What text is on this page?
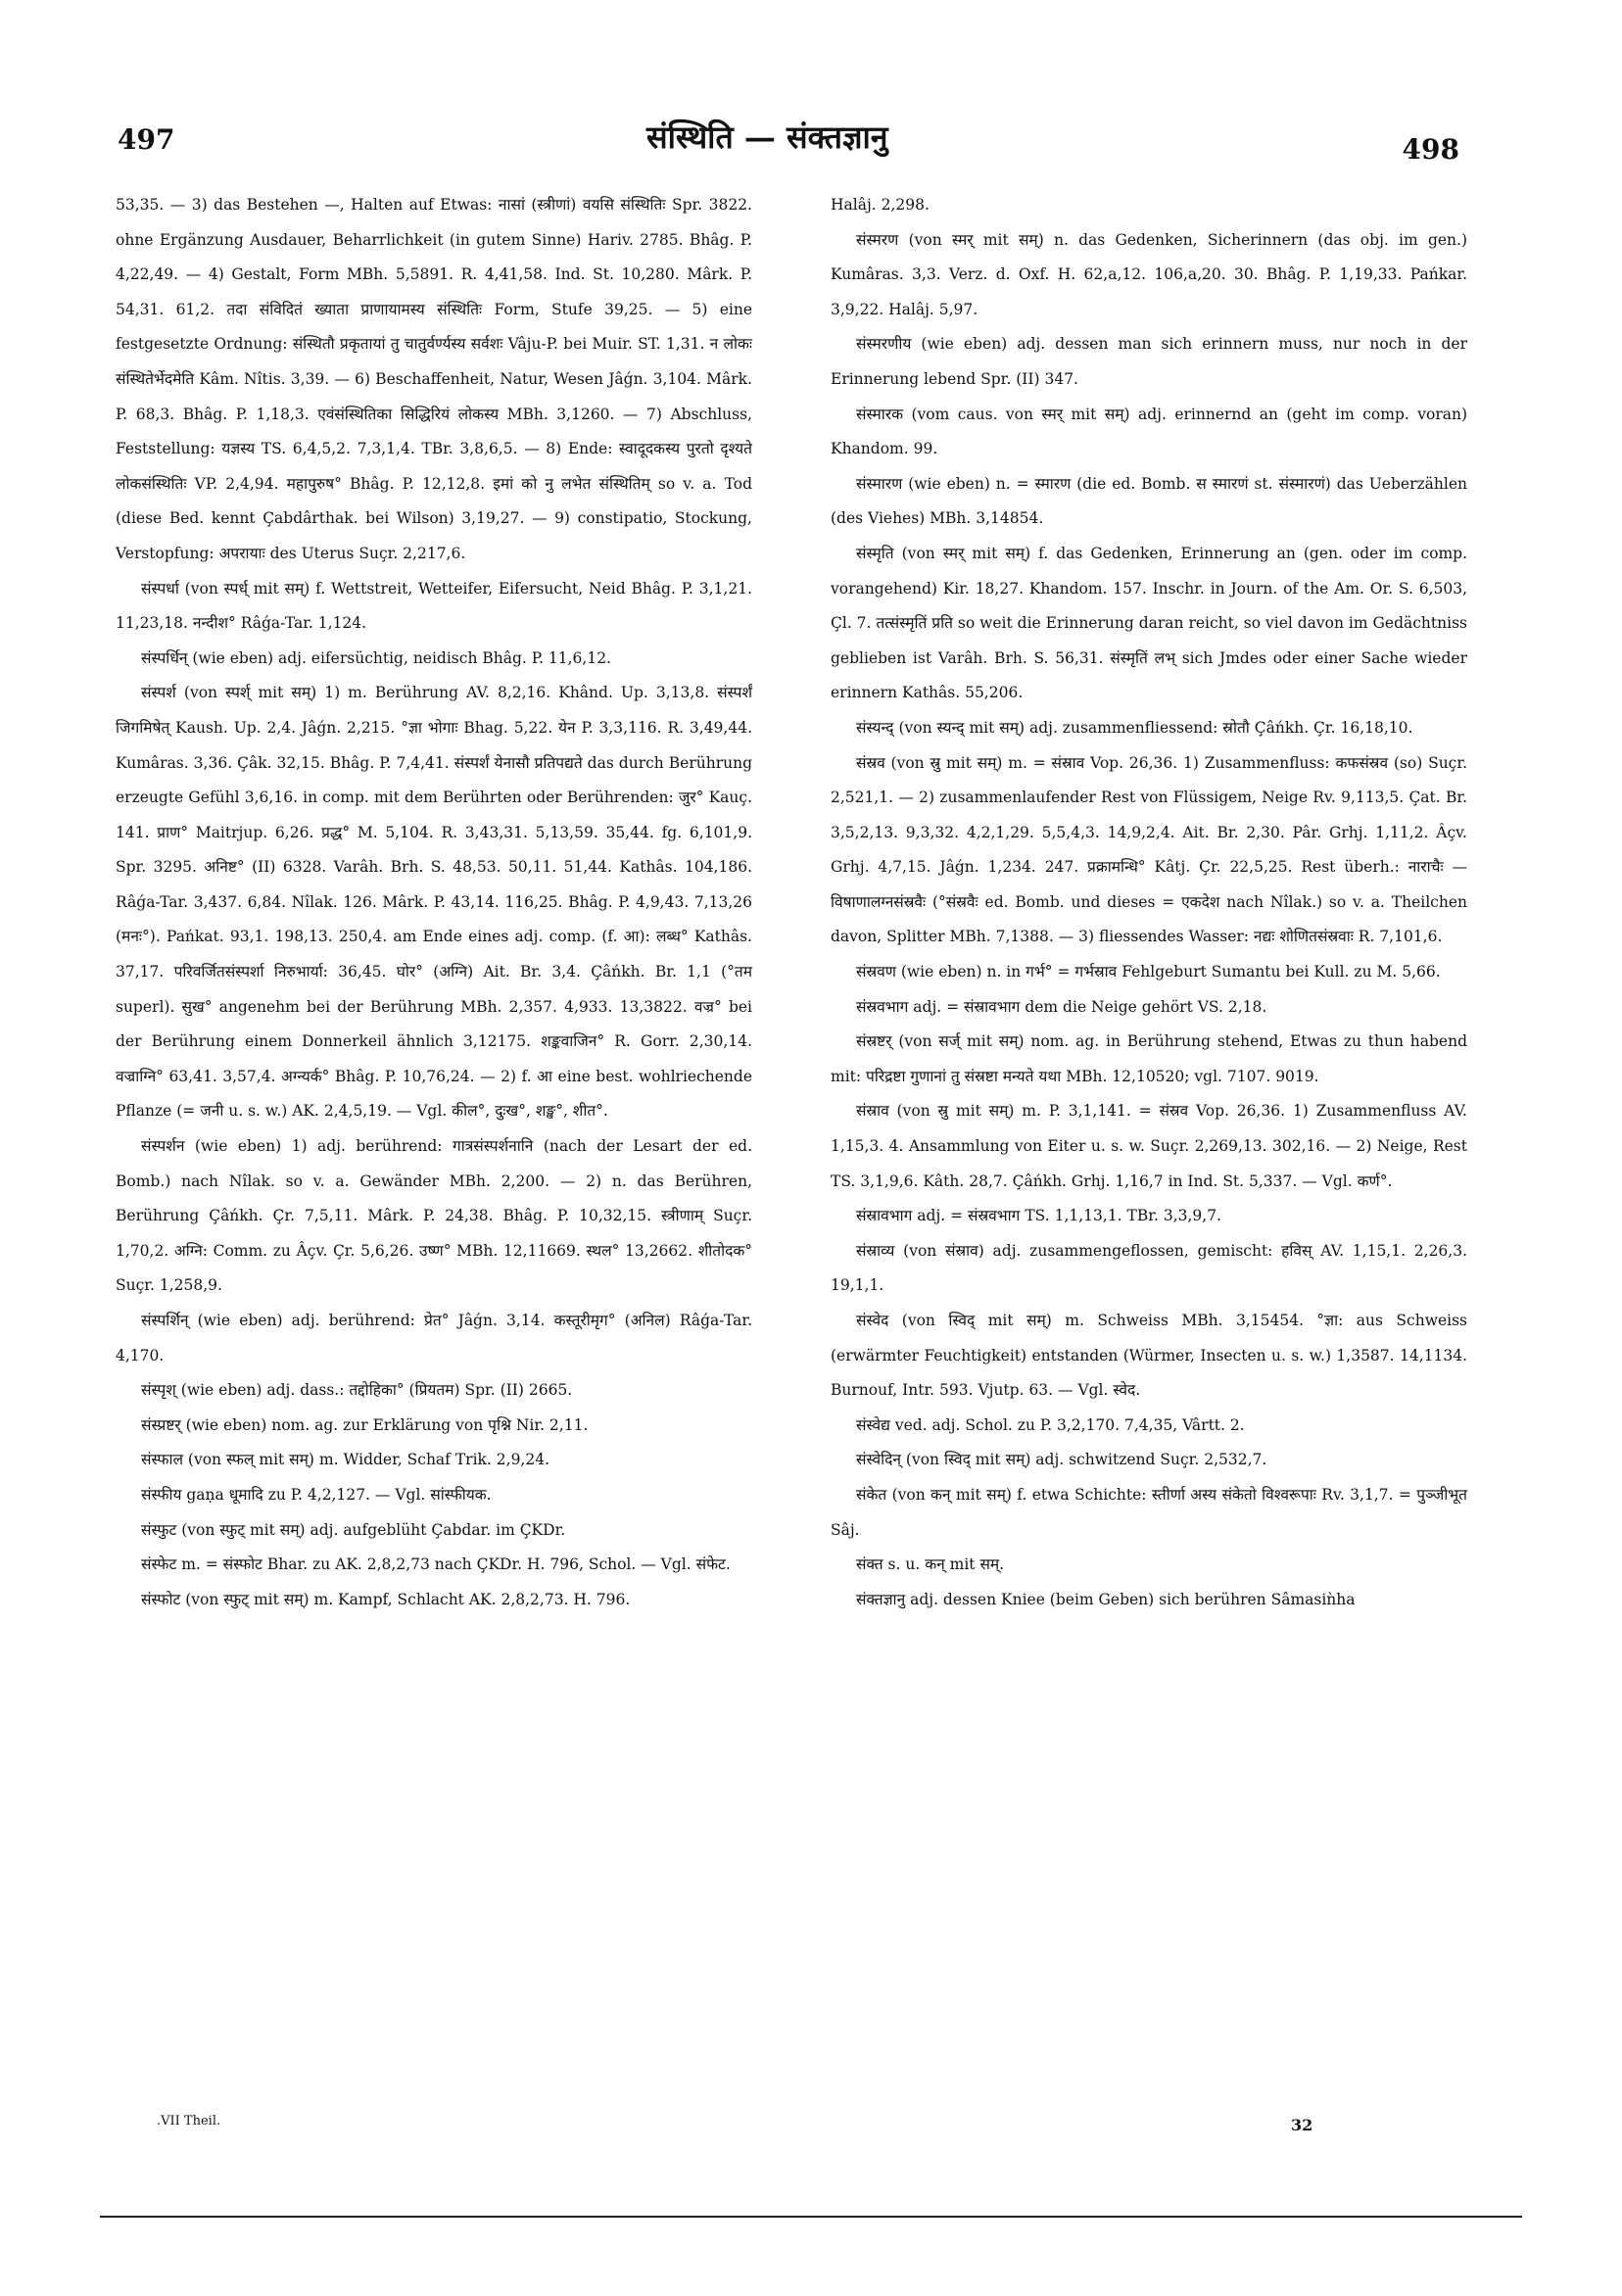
497	संस्थिति — संक्तज्ञानु	498

53,35. — 3) das Bestehen —, Halten auf Etwas: नासां (स्त्रीणां) वयसि संस्थितिः Spr. 3822. ohne Ergänzung Ausdauer, Beharrlichkeit (in gutem Sinne) Hariv. 2785. Bhâg. P. 4,22,49. — 4) Gestalt, Form MBh. 5,5891. R. 4,41,58. Ind. St. 10,280. Mârk. P. 54,31. 61,2. तदा संविदितं ख्याता प्राणायामस्य संस्थितिः Form, Stufe 39,25. — 5) eine festgesetzte Ordnung: संस्थितौ प्रकृतायां तु चातुर्वर्ण्यस्य सर्वशः Vâju-P. bei Muir. ST. 1,31. न लोकः संस्थितेर्भेदमेति Kâm. Nîtis. 3,39. — 6) Beschaffenheit, Natur, Wesen Jâǵn. 3,104. Mârk. P. 68,3. Bhâg. P. 1,18,3. एवंसंस्थितिका सिद्धिरियं लोकस्य MBh. 3,1260. — 7) Abschluss, Feststellung: यज्ञस्य TS. 6,4,5,2. 7,3,1,4. TBr. 3,8,6,5. — 8) Ende: स्वादूदकस्य पुरतो दृश्यते लोकसंस्थितिः VP. 2,4,94. महापुरुष° Bhâg. P. 12,12,8. इमां को नु लभेत संस्थितिम् so v. a. Tod (diese Bed. kennt Çabdârthak. bei Wilson) 3,19,27. — 9) constipatio, Stockung, Verstopfung: अपरायाः des Uterus Suçr. 2,217,6.

संस्पर्धा (von स्पर्ध् mit सम्) f. Wettstreit, Wetteifer, Eifersucht, Neid Bhâg. P. 3,1,21. 11,23,18. नन्दीश° Râǵa-Tar. 1,124.

संस्पर्धिन् (wie eben) adj. eifersüchtig, neidisch Bhâg. P. 11,6,12.

संस्पर्श (von स्पर्श् mit सम्) 1) m. Berührung AV. 8,2,16. Khând. Up. 3,13,8. संस्पर्शं जिगमिषेत् Kaush. Up. 2,4. Jâǵn. 2,215. °ज्ञा भोगाः Bhag. 5,22. येन P. 3,3,116. R. 3,49,44. Kumâras. 3,36. Çâk. 32,15. Bhâg. P. 7,4,41. संस्पर्शं येनासौ प्रतिपद्यते das durch Berührung erzeugte Gefühl 3,6,16. in comp. mit dem Berührten oder Berührenden: जुर° Kauç. 141. प्राण° Maitrjup. 6,26. प्रद्ध° M. 5,104. R. 3,43,31. 5,13,59. 35,44. fg. 6,101,9. Spr. 3295. अनिष्ट° (II) 6328. Varâh. Brh. S. 48,53. 50,11. 51,44. Kathâs. 104,186. Râǵa-Tar. 3,437. 6,84. Nîlak. 126. Mârk. P. 43,14. 116,25. Bhâg. P. 4,9,43. 7,13,26 (मनः°). Pańkat. 93,1. 198,13. 250,4. am Ende eines adj. comp. (f. आ): लब्ध° Kathâs. 37,17. परिवर्जितसंस्पर्शा निरुभार्या: 36,45. घोर° (अग्नि) Ait. Br. 3,4. Çâńkh. Br. 1,1 (°तम superl). सुख° angenehm bei der Berührung MBh. 2,357. 4,933. 13,3822. वज्र° bei der Berührung einem Donnerkeil ähnlich 3,12175. शङ्कवाजिन° R. Gorr. 2,30,14. वज्राग्नि° 63,41. 3,57,4. अग्न्यर्क° Bhâg. P. 10,76,24. — 2) f. आ eine best. wohlriechende Pflanze (= जनी u. s. w.) AK. 2,4,5,19. — Vgl. कील°, दुःख°, शङ्ख°, शीत°.

संस्पर्शन (wie eben) 1) adj. berührend: गात्रसंस्पर्शनानि (nach der Lesart der ed. Bomb.) nach Nîlak. so v. a. Gewänder MBh. 2,200. — 2) n. das Berühren, Berührung Çâńkh. Çr. 7,5,11. Mârk. P. 24,38. Bhâg. P. 10,32,15. स्त्रीणाम् Suçr. 1,70,2. अग्नि: Comm. zu Âçv. Çr. 5,6,26. उष्ण° MBh. 12,11669. स्थल° 13,2662. शीतोदक° Suçr. 1,258,9.

संस्पर्शिन् (wie eben) adj. berührend: प्रेत° Jâǵn. 3,14. कस्तूरीमृग° (अनिल) Râǵa-Tar. 4,170.

संस्पृश् (wie eben) adj. dass.: तद्दोहिका° (प्रियतम) Spr. (II) 2665.

संस्प्रष्टर् (wie eben) nom. ag. zur Erklärung von पृश्नि Nir. 2,11.

संस्फाल (von स्फल् mit सम्) m. Widder, Schaf Trik. 2,9,24.

संस्फीय gaṇa धूमादि zu P. 4,2,127. — Vgl. सांस्फीयक.

संस्फुट (von स्फुट् mit सम्) adj. aufgeblüht Çabdar. im ÇKDr.

संस्फेट m. = संस्फोट Bhar. zu AK. 2,8,2,73 nach ÇKDr. H. 796, Schol. — Vgl. संफेट.

संस्फोट (von स्फुट् mit सम्) m. Kampf, Schlacht AK. 2,8,2,73. H. 796.

Halâj. 2,298.

संस्मरण (von स्मर् mit सम्) n. das Gedenken, Sicherinnern (das obj. im gen.) Kumâras. 3,3. Verz. d. Oxf. H. 62,a,12. 106,a,20. 30. Bhâg. P. 1,19,33. Pańkar. 3,9,22. Halâj. 5,97.

संस्मरणीय (wie eben) adj. dessen man sich erinnern muss, nur noch in der Erinnerung lebend Spr. (II) 347.

संस्मारक (vom caus. von स्मर् mit सम्) adj. erinnernd an (geht im comp. voran) Khandom. 99.

संस्मारण (wie eben) n. = स्मारण (die ed. Bomb. स स्मारणं st. संस्मारणं) das Ueberzählen (des Viehes) MBh. 3,14854.

संस्मृति (von स्मर् mit सम्) f. das Gedenken, Erinnerung an (gen. oder im comp. vorangehend) Kir. 18,27. Khandom. 157. Inschr. in Journ. of the Am. Or. S. 6,503, Çl. 7. तत्संस्मृतिं प्रति so weit die Erinnerung daran reicht, so viel davon im Gedächtniss geblieben ist Varâh. Brh. S. 56,31. संस्मृतिं लभ् sich Jmdes oder einer Sache wieder erinnern Kathâs. 55,206.

संस्यन्द् (von स्यन्द् mit सम्) adj. zusammenfliessend: स्रोतौ Çâńkh. Çr. 16,18,10.

संस्रव (von स्रु mit सम्) m. = संस्राव Vop. 26,36. 1) Zusammenfluss: कफसंस्रव (so) Suçr. 2,521,1. — 2) zusammenlaufender Rest von Flüssigem, Neige Rv. 9,113,5. Çat. Br. 3,5,2,13. 9,3,32. 4,2,1,29. 5,5,4,3. 14,9,2,4. Ait. Br. 2,30. Pâr. Grhj. 1,11,2. Âçv. Grhj. 4,7,15. Jâǵn. 1,234. 247. प्रक्रामन्धि° Kâtj. Çr. 22,5,25. Rest überh.: नाराचैः — विषाणालग्नसंस्रवैः (°संस्रवैः ed. Bomb. und dieses = एकदेश nach Nîlak.) so v. a. Theilchen davon, Splitter MBh. 7,1388. — 3) fliessendes Wasser: नद्यः शोणितसंस्रवाः R. 7,101,6.

संस्रवण (wie eben) n. in गर्भ° = गर्भस्राव Fehlgeburt Sumantu bei Kull. zu M. 5,66.

संस्रवभाग adj. = संस्रावभाग dem die Neige gehört VS. 2,18.

संस्रष्टर् (von सर्ज् mit सम्) nom. ag. in Berührung stehend, Etwas zu thun habend mit: परिद्रष्टा गुणानां तु संस्रष्टा मन्यते यथा MBh. 12,10520; vgl. 7107. 9019.

संस्राव (von स्रु mit सम्) m. P. 3,1,141. = संस्रव Vop. 26,36. 1) Zusammenfluss AV. 1,15,3. 4. Ansammlung von Eiter u. s. w. Suçr. 2,269,13. 302,16. — 2) Neige, Rest TS. 3,1,9,6. Kâth. 28,7. Çâńkh. Grhj. 1,16,7 in Ind. St. 5,337. — Vgl. कर्ण°.

संस्रावभाग adj. = संस्रवभाग TS. 1,1,13,1. TBr. 3,3,9,7.

संस्राव्य (von संस्राव) adj. zusammengeflossen, gemischt: हविस् AV. 1,15,1. 2,26,3. 19,1,1.

संस्वेद (von स्विद् mit सम्) m. Schweiss MBh. 3,15454. °ज्ञा: aus Schweiss (erwärmter Feuchtigkeit) entstanden (Würmer, Insecten u. s. w.) 1,3587. 14,1134. Burnouf, Intr. 593. Vjutp. 63. — Vgl. स्वेद.

संस्वेद्य ved. adj. Schol. zu P. 3,2,170. 7,4,35, Vârtt. 2.

संस्वेदिन् (von स्विद् mit सम्) adj. schwitzend Suçr. 2,532,7.

संकेत (von कन् mit सम्) f. etwa Schichte: स्तीर्णा अस्य संकेतो विश्वरूपाः Rv. 3,1,7. = पुञ्जीभूत Sâj.

संक्त s. u. कन् mit सम्.

संक्तज्ञानु adj. dessen Kniee (beim Geben) sich berühren Sâmasiǹha

.VII Theil.	32
